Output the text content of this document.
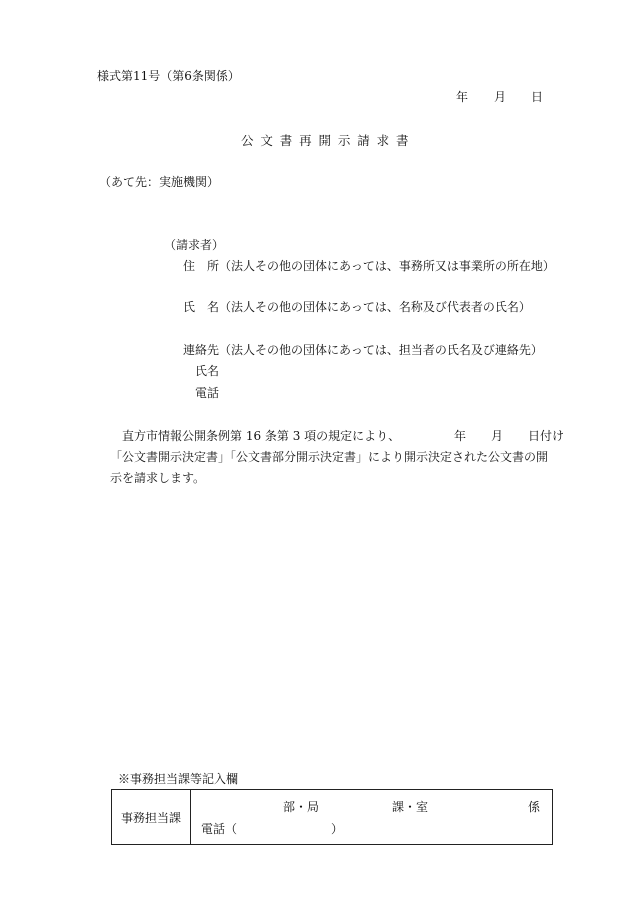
様式第11号（第6条関係）
年 月 日
公文書再開示請求書
（あて先：実施機関）
（請求者）
住　所（法人その他の団体にあっては、事務所又は事業所の所在地）
氏　名（法人その他の団体にあっては、名称及び代表者の氏名）
連絡先（法人その他の団体にあっては、担当者の氏名及び連絡先）
氏名
電話
直方市情報公開条例第 16 条第 3 項の規定により、	年 月 日付け
「公文書開示決定書」「公文書部分開示決定書」により開示決定された公文書の開
示を請求します。
※事務担当課等記入欄
事務担当課	
部・局	課・室	係
電話（	）
